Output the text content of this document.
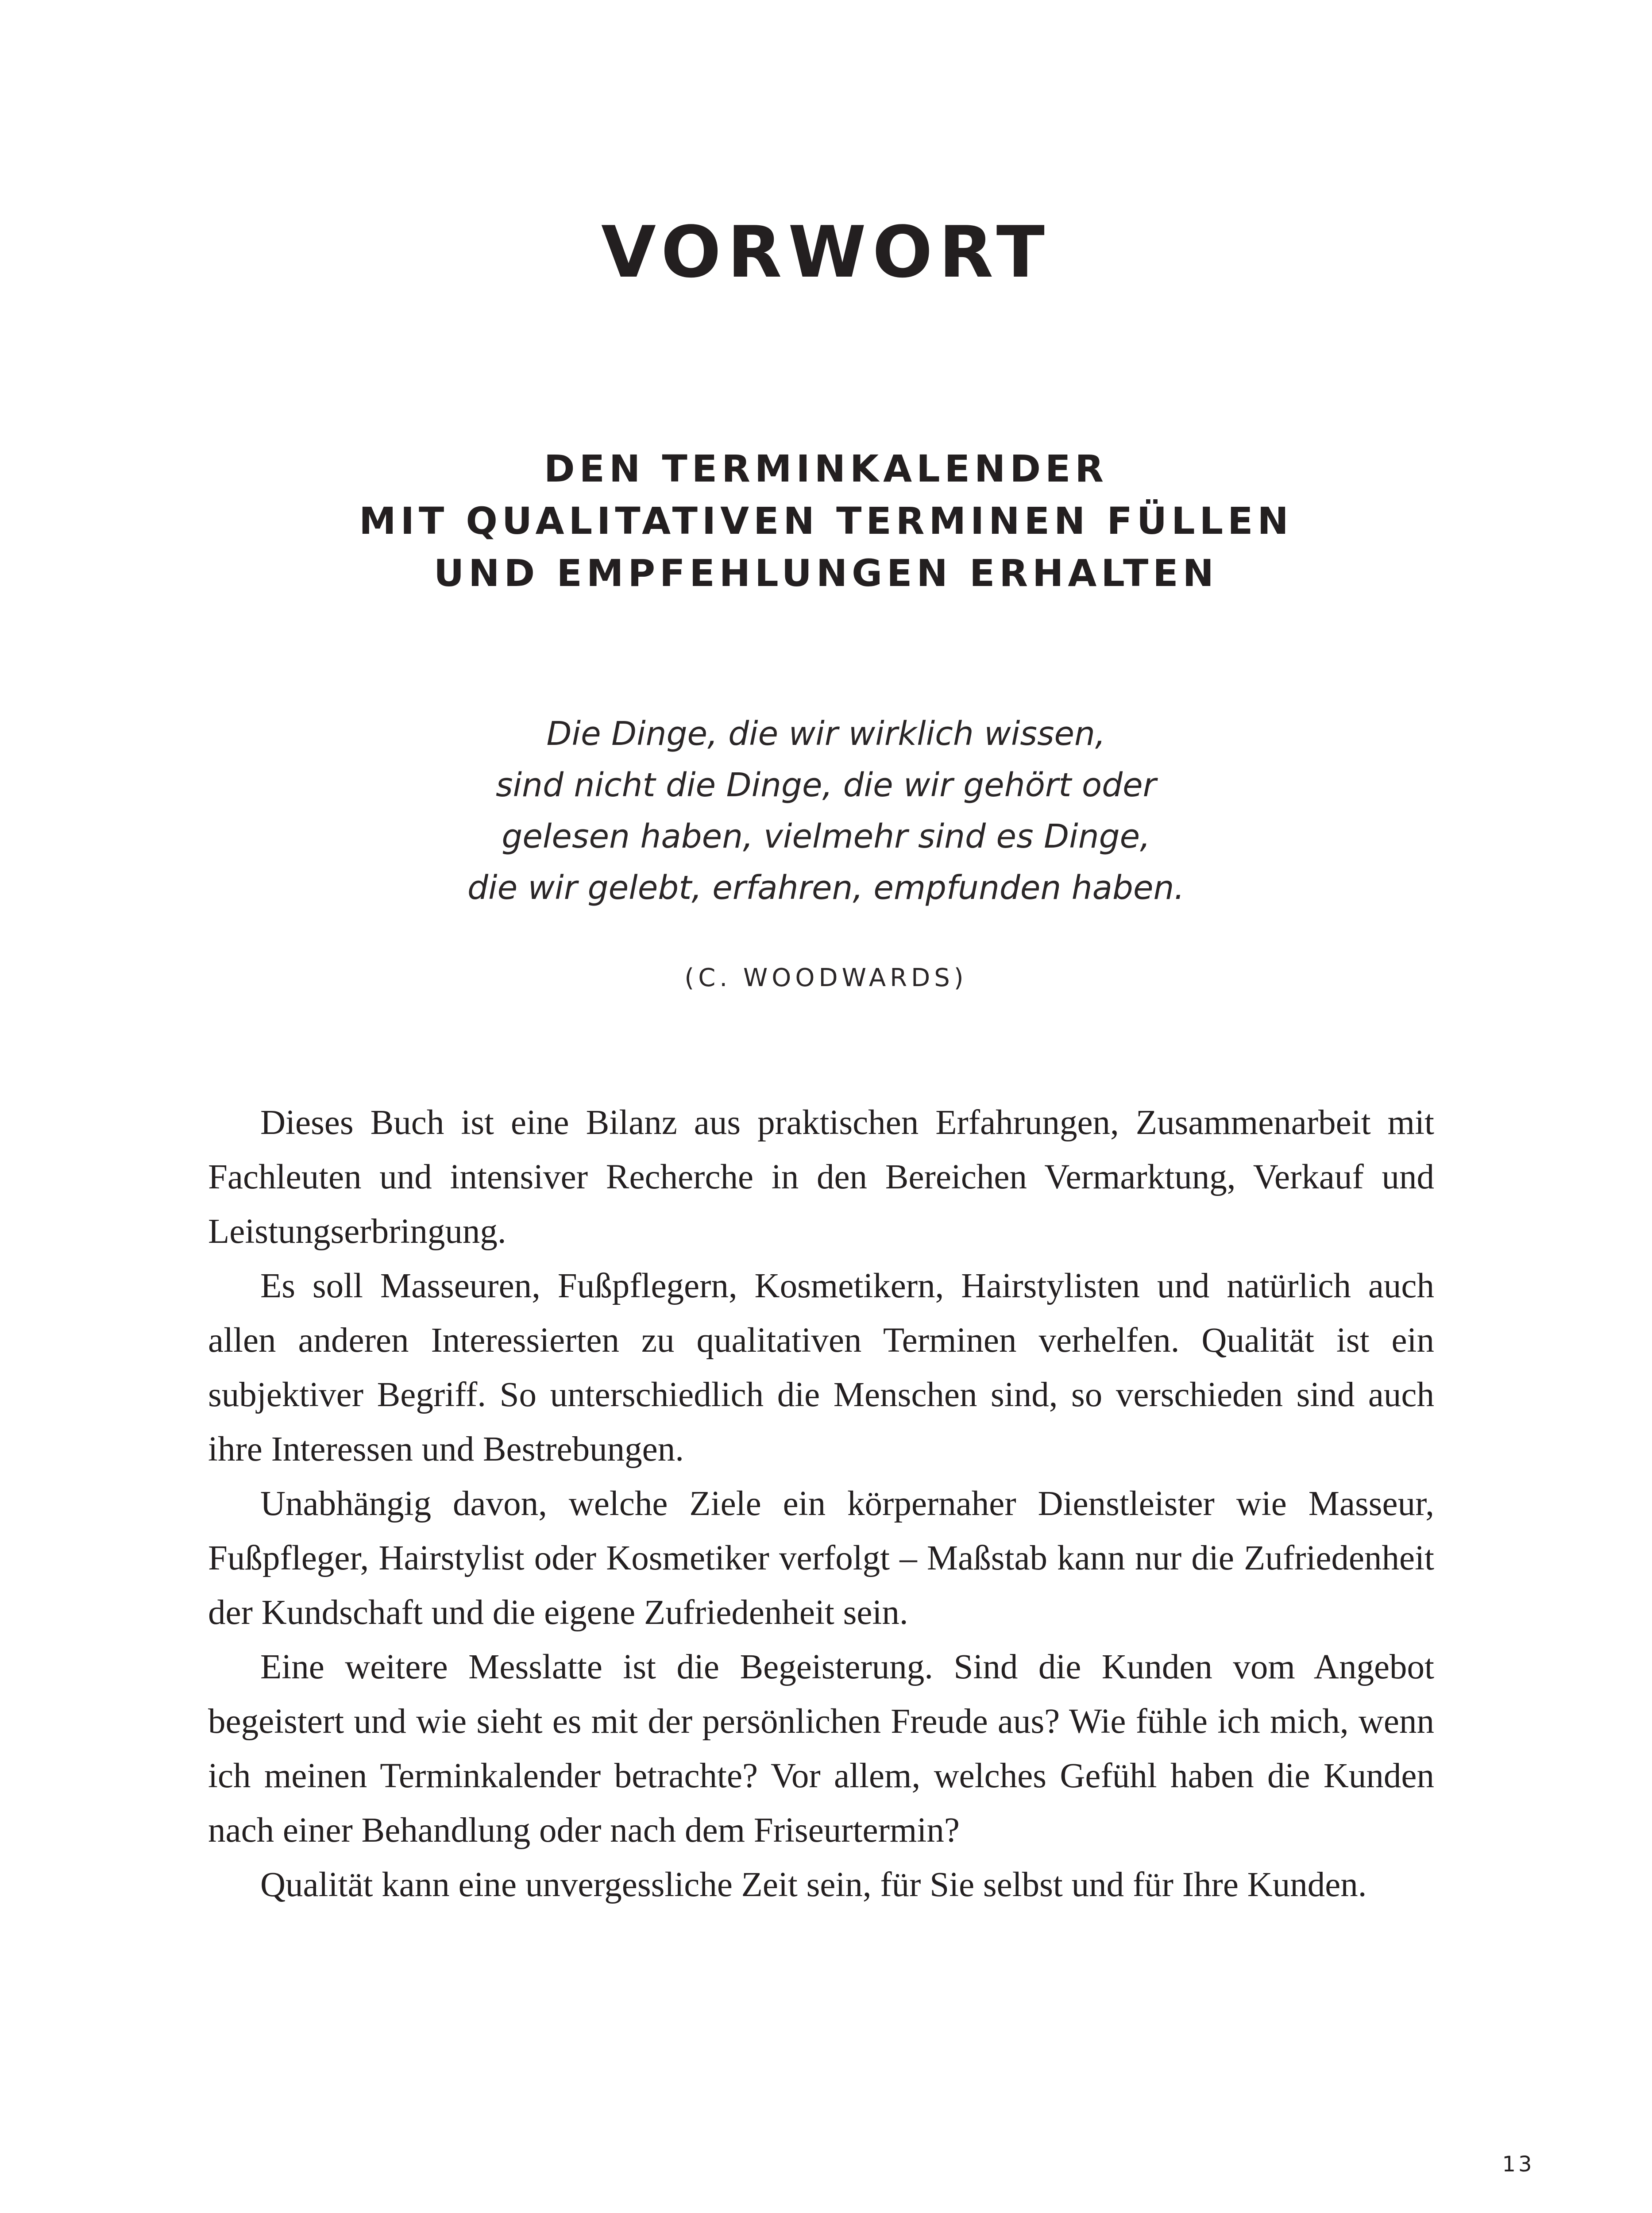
VORWORT
DEN TERMINKALENDER
MIT QUALITATIVEN TERMINEN FÜLLEN
UND EMPFEHLUNGEN ERHALTEN
Die Dinge, die wir wirklich wissen,
sind nicht die Dinge, die wir gehört oder
gelesen haben, vielmehr sind es Dinge,
die wir gelebt, erfahren, empfunden haben.

(C. WOODWARDS)

Dieses Buch ist eine Bilanz aus praktischen Erfahrungen, Zusammenarbeit mit Fachleuten und intensiver Recherche in den Bereichen Vermarktung, Verkauf und Leistungserbringung.

Es soll Masseuren, Fußpflegern, Kosmetikern, Hairstylisten und natürlich auch allen anderen Interessierten zu qualitativen Terminen verhelfen. Qualität ist ein subjektiver Begriff. So unterschiedlich die Menschen sind, so verschieden sind auch ihre Interessen und Bestrebungen.

Unabhängig davon, welche Ziele ein körpernaher Dienstleister wie Masseur, Fußpfleger, Hairstylist oder Kosmetiker verfolgt – Maßstab kann nur die Zufriedenheit der Kundschaft und die eigene Zufriedenheit sein.

Eine weitere Messlatte ist die Begeisterung. Sind die Kunden vom Angebot begeistert und wie sieht es mit der persönlichen Freude aus? Wie fühle ich mich, wenn ich meinen Terminkalender betrachte? Vor allem, welches Gefühl haben die Kunden nach einer Behandlung oder nach dem Friseurtermin?

Qualität kann eine unvergessliche Zeit sein, für Sie selbst und für Ihre Kunden.

13
